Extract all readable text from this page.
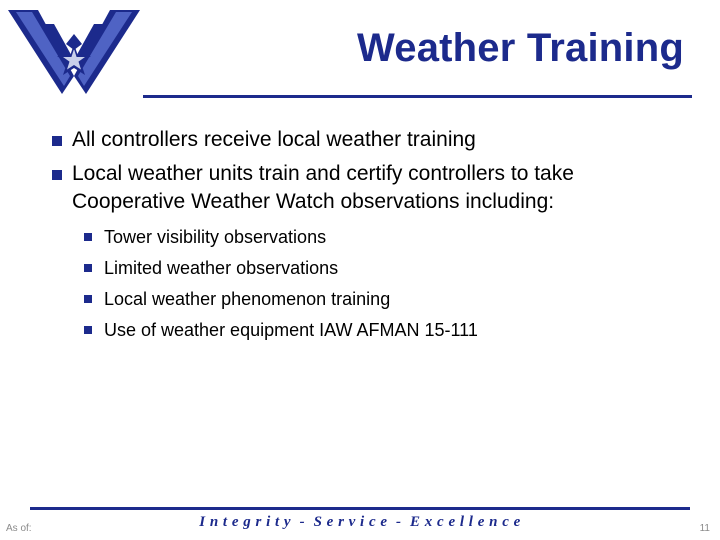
Weather Training
All controllers receive local weather training
Local weather units train and certify controllers to take Cooperative Weather Watch observations including:
Tower visibility observations
Limited weather observations
Local weather phenomenon training
Use of weather equipment IAW AFMAN 15-111
I n t e g r i t y  -  S e r v i c e  -  E x c e l l e n c e
As of:	11
